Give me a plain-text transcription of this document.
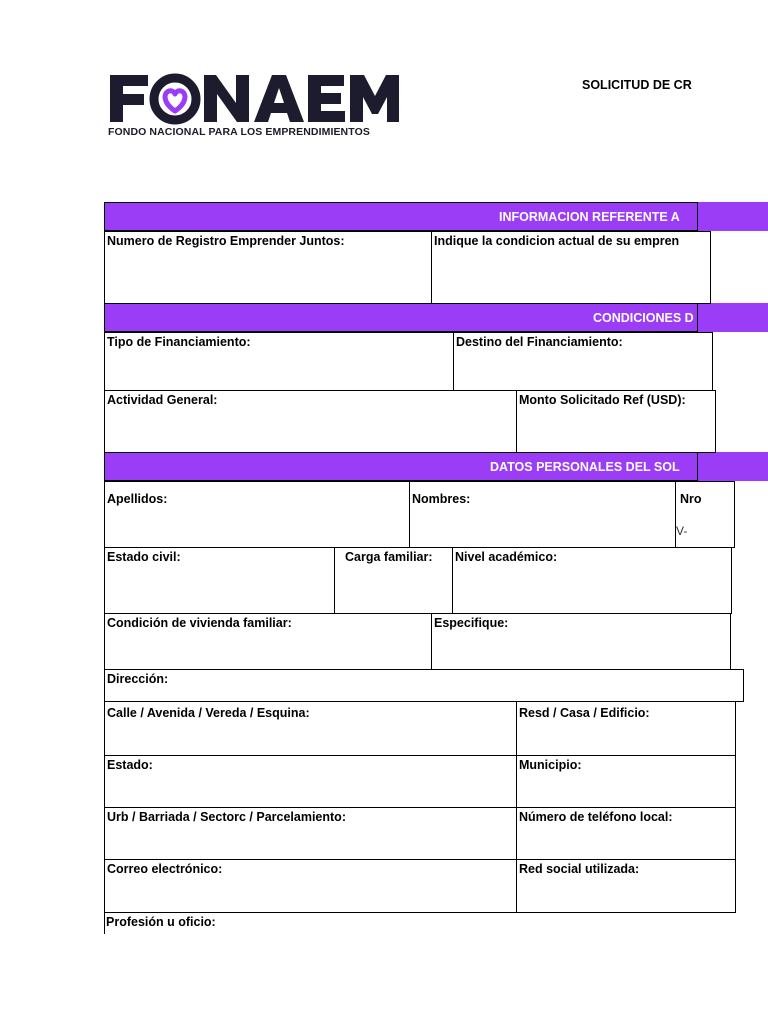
FONDO NACIONAL PARA LOS EMPRENDIMIENTOS
SOLICITUD DE CR
INFORMACION REFERENTE A
Numero de Registro Emprender Juntos:	Indique la condicion actual de su empren
CONDICIONES D
Tipo de Financiamiento:	Destino del Financiamiento:
Actividad General:	Monto Solicitado Ref (USD):
DATOS PERSONALES DEL SOL
Apellidos:	Nombres:	Nro
V-
Estado civil:	Carga familiar: Nivel académico:
Condición de vivienda familiar:	Especifique:
Dirección:
Calle / Avenida / Vereda / Esquina:	Resd / Casa / Edificio:
Estado:	Municipio:
Urb / Barriada / Sectorc / Parcelamiento:	Número de teléfono local:
Correo electrónico:	Red social utilizada:
Profesión u oficio:
